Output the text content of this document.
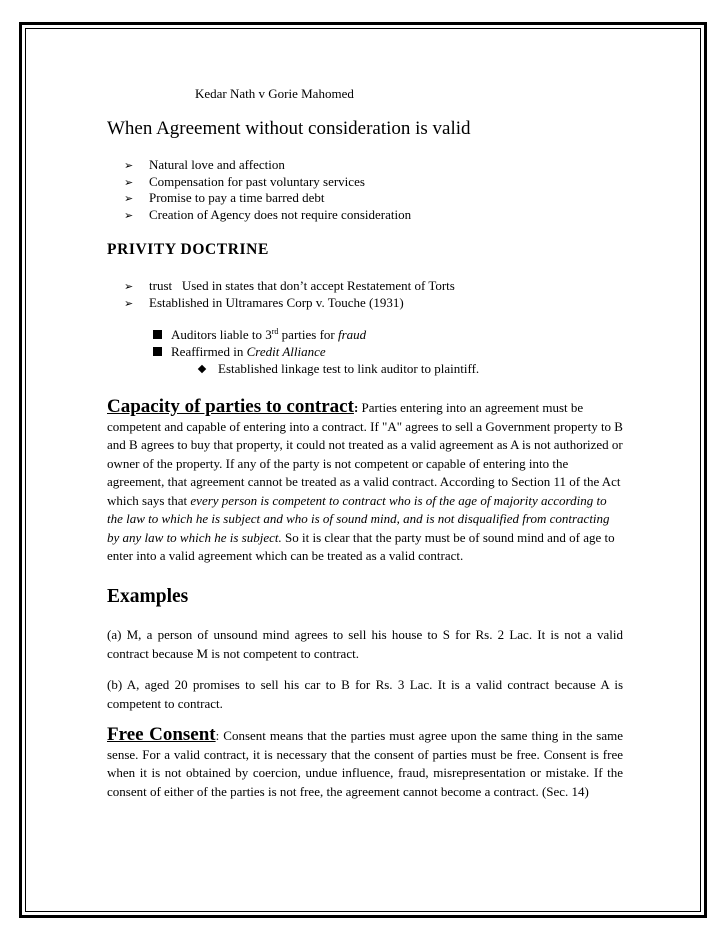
Kedar Nath v Gorie Mahomed
When Agreement without consideration is valid
➢ Natural love and affection
➢ Compensation for past voluntary services
➢ Promise to pay a time barred debt
➢ Creation of Agency does not require consideration
PRIVITY DOCTRINE
➢ trust   Used in states that don’t accept Restatement of Torts
➢ Established in Ultramares Corp v. Touche (1931)
Auditors liable to 3rd parties for fraud
Reaffirmed in Credit Alliance
Established linkage test to link auditor to plaintiff.
Capacity of parties to contract: Parties entering into an agreement must be competent and capable of entering into a contract. If "A" agrees to sell a Government property to B and B agrees to buy that property, it could not treated as a valid agreement as A is not authorized or owner of the property. If any of the party is not competent or capable of entering into the agreement, that agreement cannot be treated as a valid contract. According to Section 11 of the Act which says that every person is competent to contract who is of the age of majority according to the law to which he is subject and who is of sound mind, and is not disqualified from contracting by any law to which he is subject. So it is clear that the party must be of sound mind and of age to enter into a valid agreement which can be treated as a valid contract.
Examples
(a) M, a person of unsound mind agrees to sell his house to S for Rs. 2 Lac. It is not a valid contract because M is not competent to contract.
(b) A, aged 20 promises to sell his car to B for Rs. 3 Lac. It is a valid contract because A is competent to contract.
Free Consent: Consent means that the parties must agree upon the same thing in the same sense. For a valid contract, it is necessary that the consent of parties must be free. Consent is free when it is not obtained by coercion, undue influence, fraud, misrepresentation or mistake. If the consent of either of the parties is not free, the agreement cannot become a contract. (Sec. 14)
